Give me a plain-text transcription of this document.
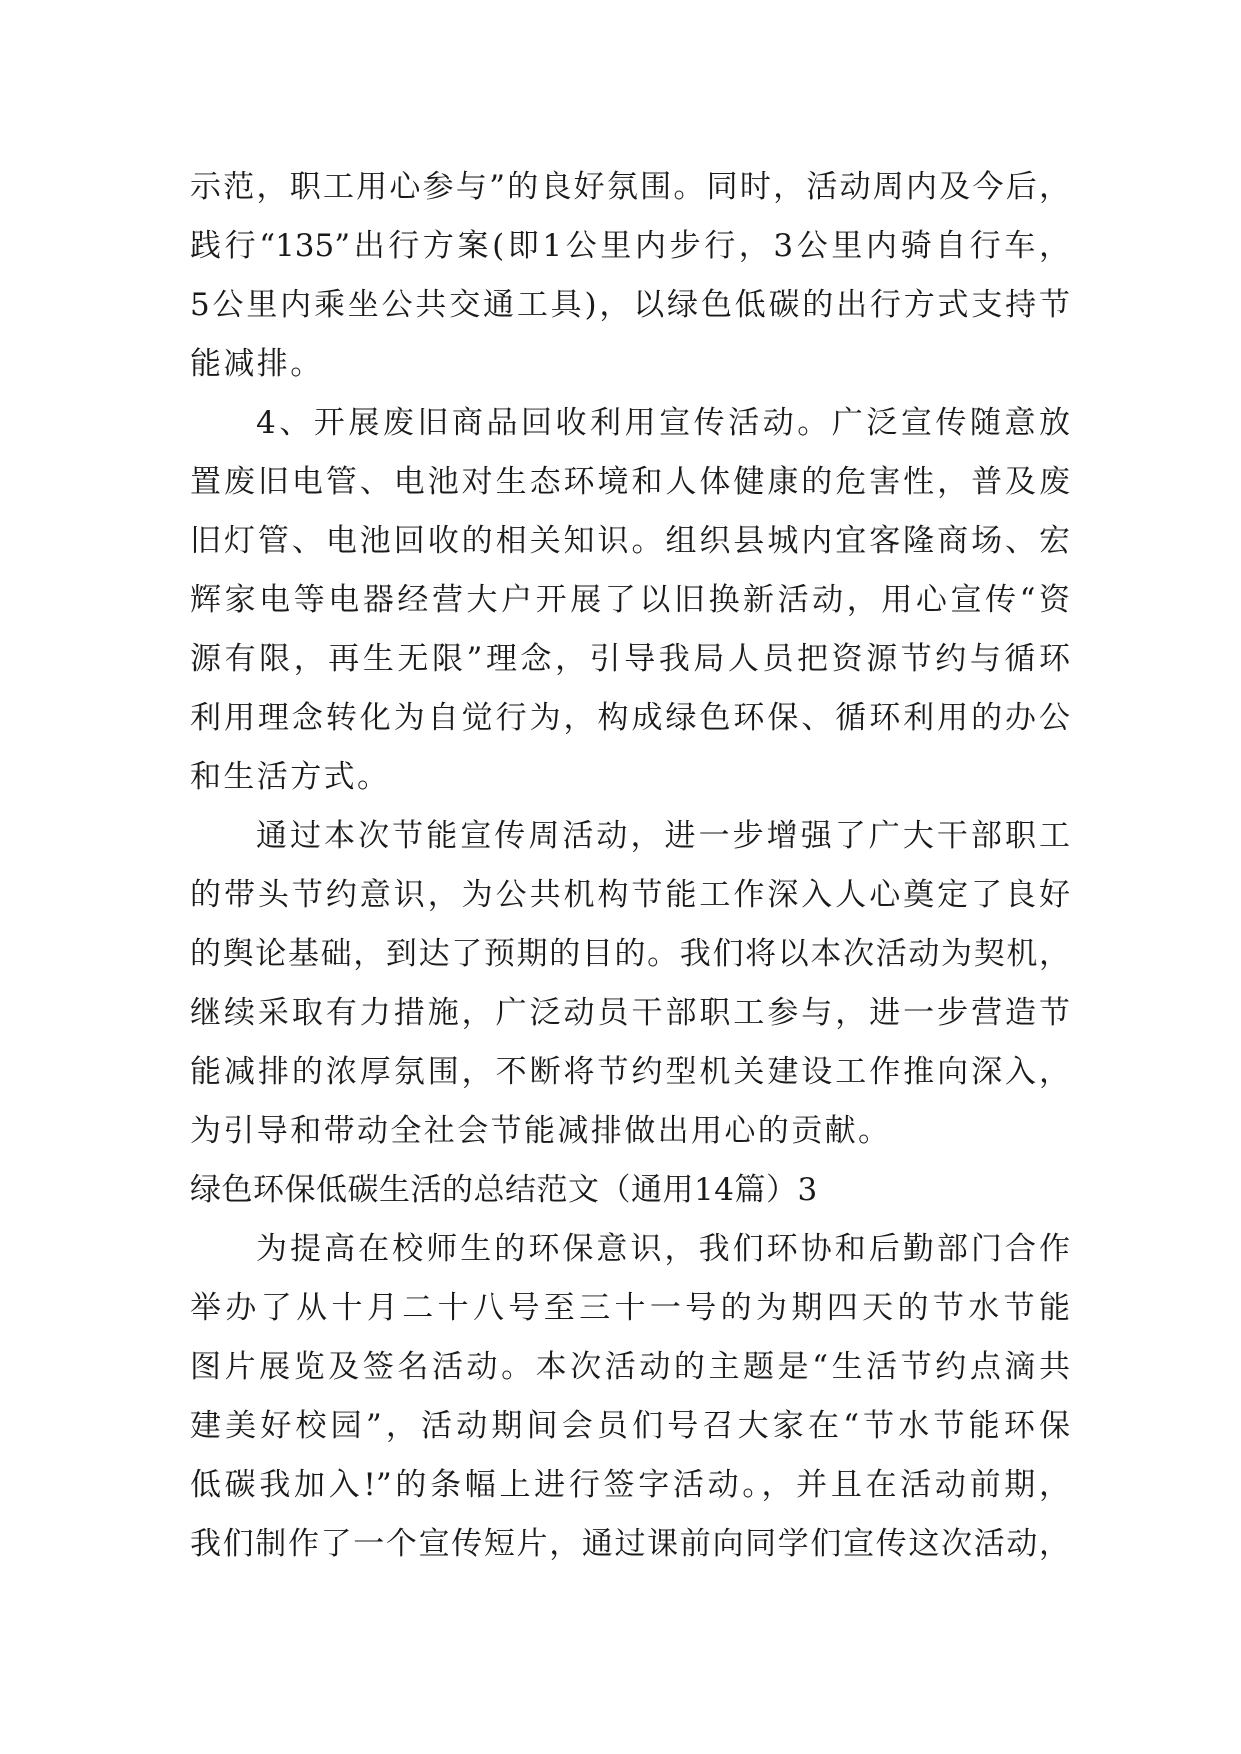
示范，职工用心参与”的良好氛围。同时，活动周内及今后，
践行“135”出行方案(即1公里内步行，3公里内骑自行车，
5公里内乘坐公共交通工具)，以绿色低碳的出行方式支持节
能减排。
4、开展废旧商品回收利用宣传活动。广泛宣传随意放
置废旧电管、电池对生态环境和人体健康的危害性，普及废
旧灯管、电池回收的相关知识。组织县城内宜客隆商场、宏
辉家电等电器经营大户开展了以旧换新活动，用心宣传“资
源有限，再生无限”理念，引导我局人员把资源节约与循环
利用理念转化为自觉行为，构成绿色环保、循环利用的办公
和生活方式。
通过本次节能宣传周活动，进一步增强了广大干部职工
的带头节约意识，为公共机构节能工作深入人心奠定了良好
的舆论基础，到达了预期的目的。我们将以本次活动为契机，
继续采取有力措施，广泛动员干部职工参与，进一步营造节
能减排的浓厚氛围，不断将节约型机关建设工作推向深入，
为引导和带动全社会节能减排做出用心的贡献。
绿色环保低碳生活的总结范文（通用14篇）3
为提高在校师生的环保意识，我们环协和后勤部门合作
举办了从十月二十八号至三十一号的为期四天的节水节能
图片展览及签名活动。本次活动的主题是“生活节约点滴共
建美好校园”，活动期间会员们号召大家在“节水节能环保
低碳我加入!”的条幅上进行签字活动。，并且在活动前期，
我们制作了一个宣传短片，通过课前向同学们宣传这次活动，
